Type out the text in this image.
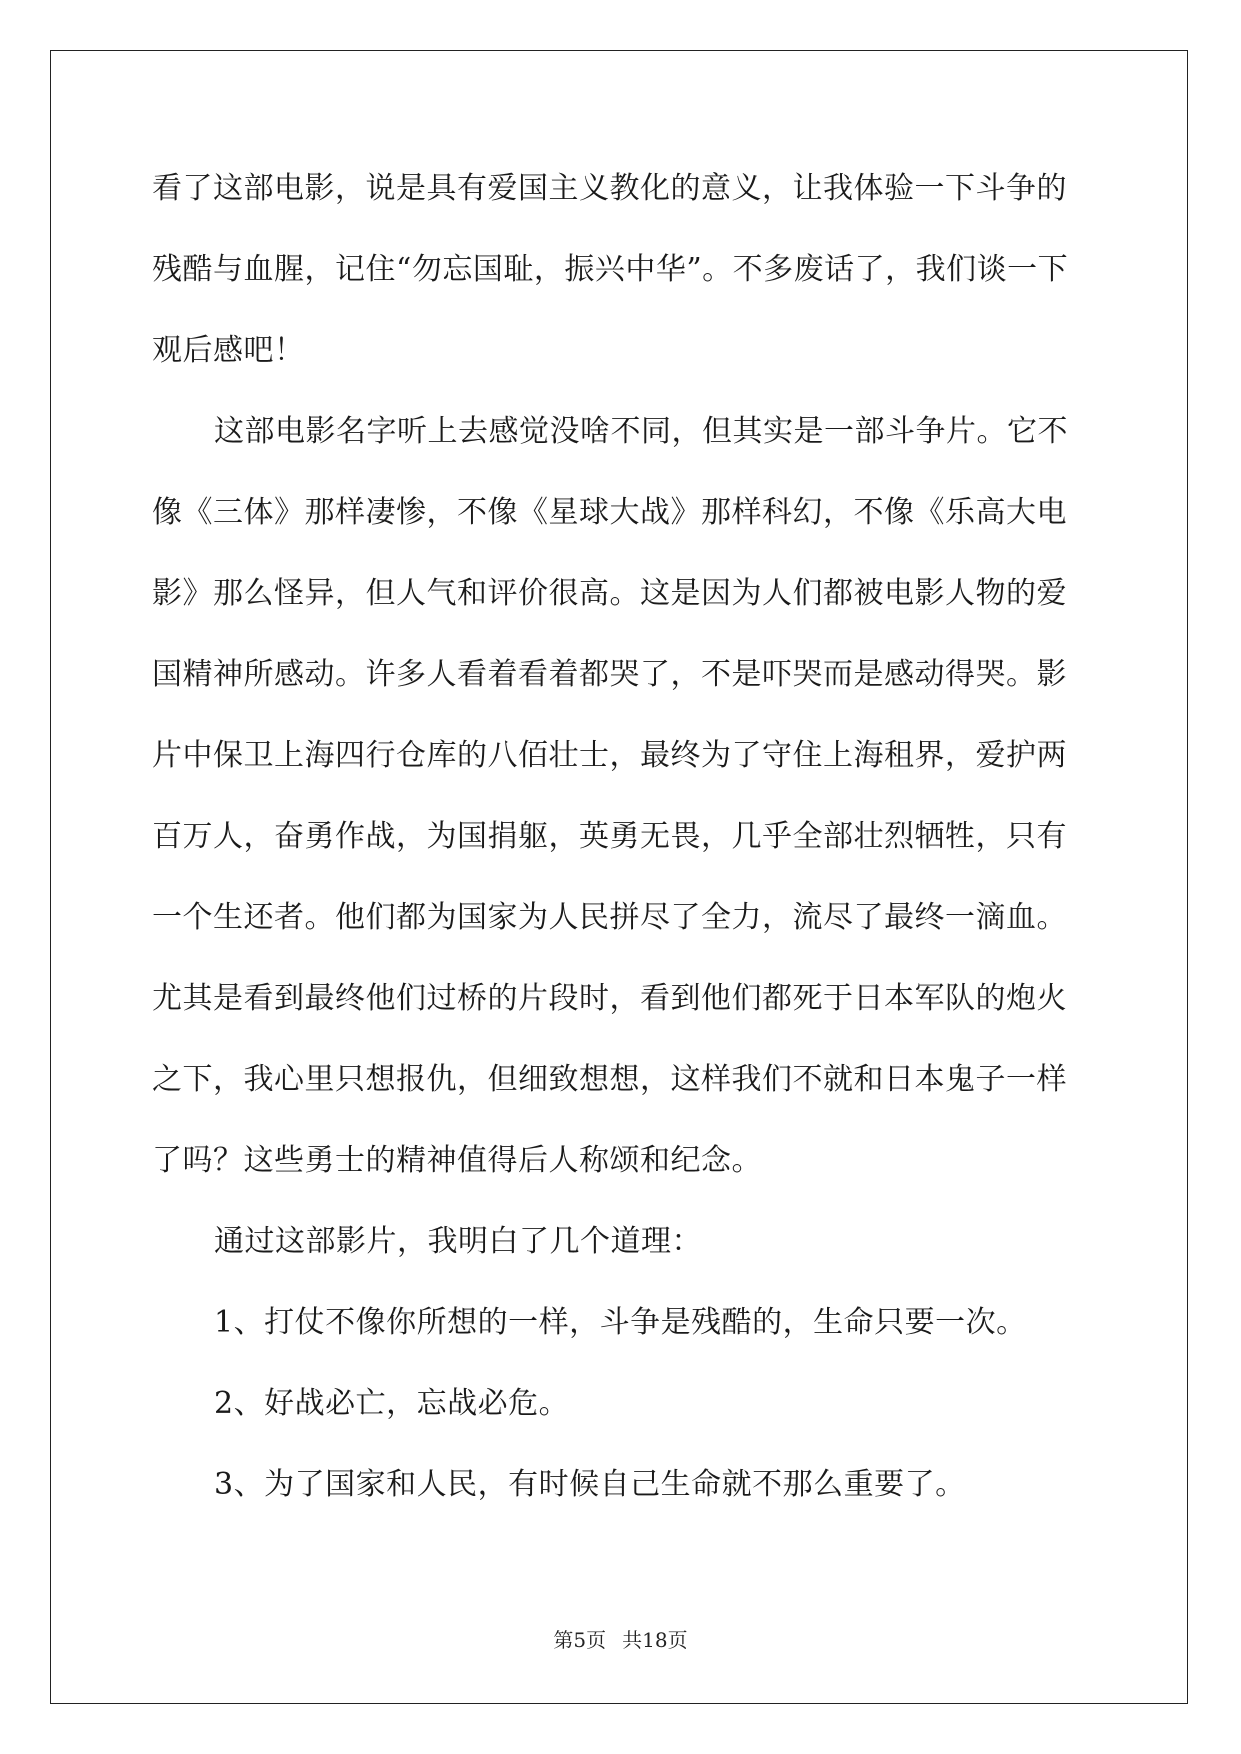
看了这部电影，说是具有爱国主义教化的意义，让我体验一下斗争的
残酷与血腥，记住“勿忘国耻，振兴中华”。不多废话了，我们谈一下
观后感吧！
这部电影名字听上去感觉没啥不同，但其实是一部斗争片。它不
像《三体》那样凄惨，不像《星球大战》那样科幻，不像《乐高大电
影》那么怪异，但人气和评价很高。这是因为人们都被电影人物的爱
国精神所感动。许多人看着看着都哭了，不是吓哭而是感动得哭。影
片中保卫上海四行仓库的八佰壮士，最终为了守住上海租界，爱护两
百万人，奋勇作战，为国捐躯，英勇无畏，几乎全部壮烈牺牲，只有
一个生还者。他们都为国家为人民拼尽了全力，流尽了最终一滴血。
尤其是看到最终他们过桥的片段时，看到他们都死于日本军队的炮火
之下，我心里只想报仇，但细致想想，这样我们不就和日本鬼子一样
了吗？这些勇士的精神值得后人称颂和纪念。
通过这部影片，我明白了几个道理：
1、打仗不像你所想的一样，斗争是残酷的，生命只要一次。
2、好战必亡，忘战必危。
3、为了国家和人民，有时候自己生命就不那么重要了。
第5页 共18页
